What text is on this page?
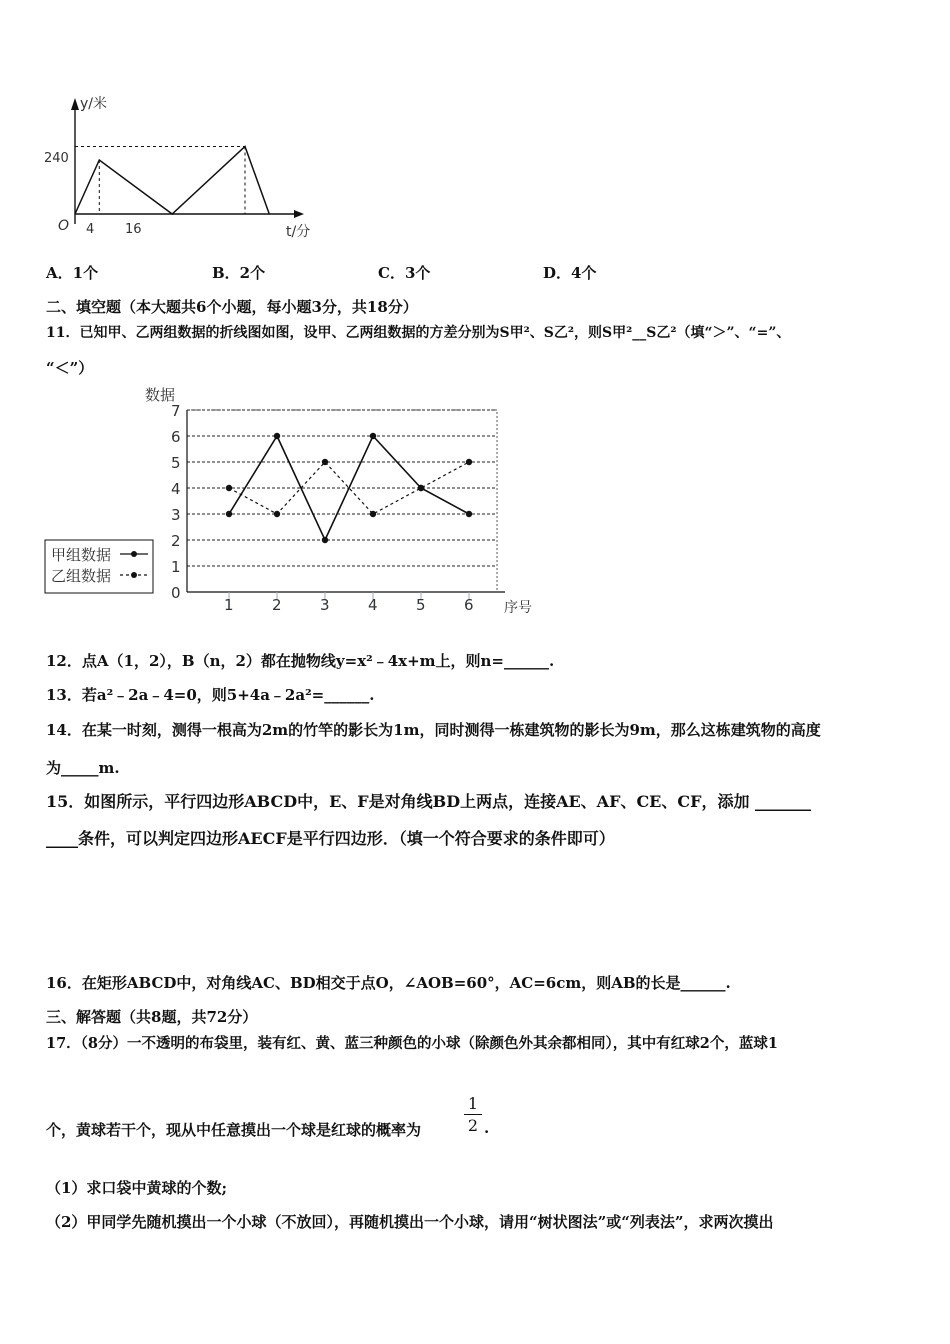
y/米
t/分
240
O 4 16
A．1个	B．2个	C．3个	D．4个
二、填空题（本大题共6个小题，每小题3分，共18分）
11．已知甲、乙两组数据的折线图如图，设甲、乙两组数据的方差分别为S甲²、S乙²，则S甲²__S乙²（填“＞”、“=”、
“＜”）
0
1
2
3
4
5
6
7
1	2	3	4	5	6
数据
序号
甲组数据
乙组数据
12．点A（1，2），B（n，2）都在抛物线y=x²﹣4x+m上，则n=______.
13．若a²﹣2a﹣4=0，则5+4a﹣2a²=______.
14．在某一时刻，测得一根高为2m的竹竿的影长为1m，同时测得一栋建筑物的影长为9m，那么这栋建筑物的高度
为_____m.
15．如图所示，平行四边形ABCD中，E、F是对角线BD上两点，连接AE、AF、CE、CF，添加 _______
____条件，可以判定四边形AECF是平行四边形．（填一个符合要求的条件即可）
16．在矩形ABCD中，对角线AC、BD相交于点O，∠AOB=60°，AC=6cm，则AB的长是______.
三、解答题（共8题，共72分）
17．（8分）一不透明的布袋里，装有红、黄、蓝三种颜色的小球（除颜色外其余都相同），其中有红球2个，蓝球1
个，黄球若干个，现从中任意摸出一个球是红球的概率为
1
2 .
（1）求口袋中黄球的个数;
（2）甲同学先随机摸出一个小球（不放回），再随机摸出一个小球，请用“树状图法”或“列表法”，求两次摸出
